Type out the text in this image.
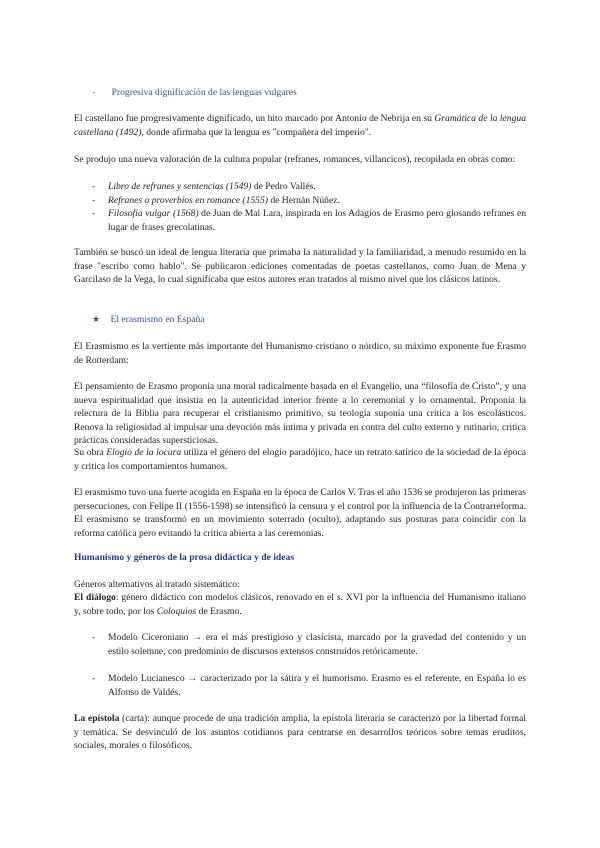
- Progresiva dignificación de las lenguas vulgares
El castellano fue progresivamente dignificado, un hito marcado por Antonio de Nebrija en su Gramática de la lengua castellana (1492), donde afirmaba que la lengua es "compañera del imperio".
Se produjo una nueva valoración de la cultura popular (refranes, romances, villancicos), recopilada en obras como:
- Libro de refranes y sentencias (1549) de Pedro Vallés.
- Refranes o proverbios en romance (1555) de Hernán Núñez.
- Filosofía vulgar (1568) de Juan de Mal Lara, inspirada en los Adagios de Erasmo pero glosando refranes en lugar de frases grecolatinas.
También se buscó un ideal de lengua literaria que primaba la naturalidad y la familiaridad, a menudo resumido en la frase "escribo como hablo". Se publicaron ediciones comentadas de poetas castellanos, como Juan de Mena y Garcilaso de la Vega, lo cual significaba que estos autores eran tratados al mismo nivel que los clásicos latinos.
★ El erasmismo en España
El Erasmismo es la vertiente más importante del Humanismo cristiano o nórdico, su máximo exponente fue Erasmo de Rotterdam:
El pensamiento de Erasmo proponía una moral radicalmente basada en el Evangelio, una “filosofía de Cristo”, y una nueva espiritualidad que insistía en la autenticidad interior frente a lo ceremonial y lo ornamental. Proponía la relectura de la Biblia para recuperar el cristianismo primitivo, su teología suponía una crítica a los escolásticos. Renova la religiosidad al impulsar una devoción más íntima y privada en contra del culto externo y rutinario, critica prácticas consideradas supersticiosas.
Su obra Elogio de la locura utiliza el género del elogio paradójico, hace un retrato satírico de la sociedad de la época y critica los comportamientos humanos.
El erasmismo tuvo una fuerte acogida en España en la época de Carlos V. Tras el año 1536 se produjeron las primeras persecuciones, con Felipe II (1556-1598) se intensificó la censura y el control por la influencia de la Contrarreforma. El erasmismo se transformó en un movimiento soterrado (oculto), adaptando sus posturas para coincidir con la reforma católica pero evitando la crítica abierta a las ceremonias.
Humanismo y géneros de la prosa didáctica y de ideas
Géneros alternativos al tratado sistemático:
El diálogo: género didáctico con modelos clásicos, renovado en el s. XVI por la influencia del Humanismo italiano y, sobre todo, por los Coloquios de Erasmo.
- Modelo Ciceroniano → era el más prestigioso y clasicista, marcado por la gravedad del contenido y un estilo solemne, con predominio de discursos extensos construidos retóricamente.
- Modelo Lucianesco → caracterizado por la sátira y el humorismo. Erasmo es el referente, en España lo es Alfonso de Valdés.
La epístola (carta): aunque procede de una tradición amplia, la epístola literaria se caracterizó por la libertad formal y temática. Se desvinculó de los asuntos cotidianos para centrarse en desarrollos teóricos sobre temas eruditos, sociales, morales o filosóficos.
